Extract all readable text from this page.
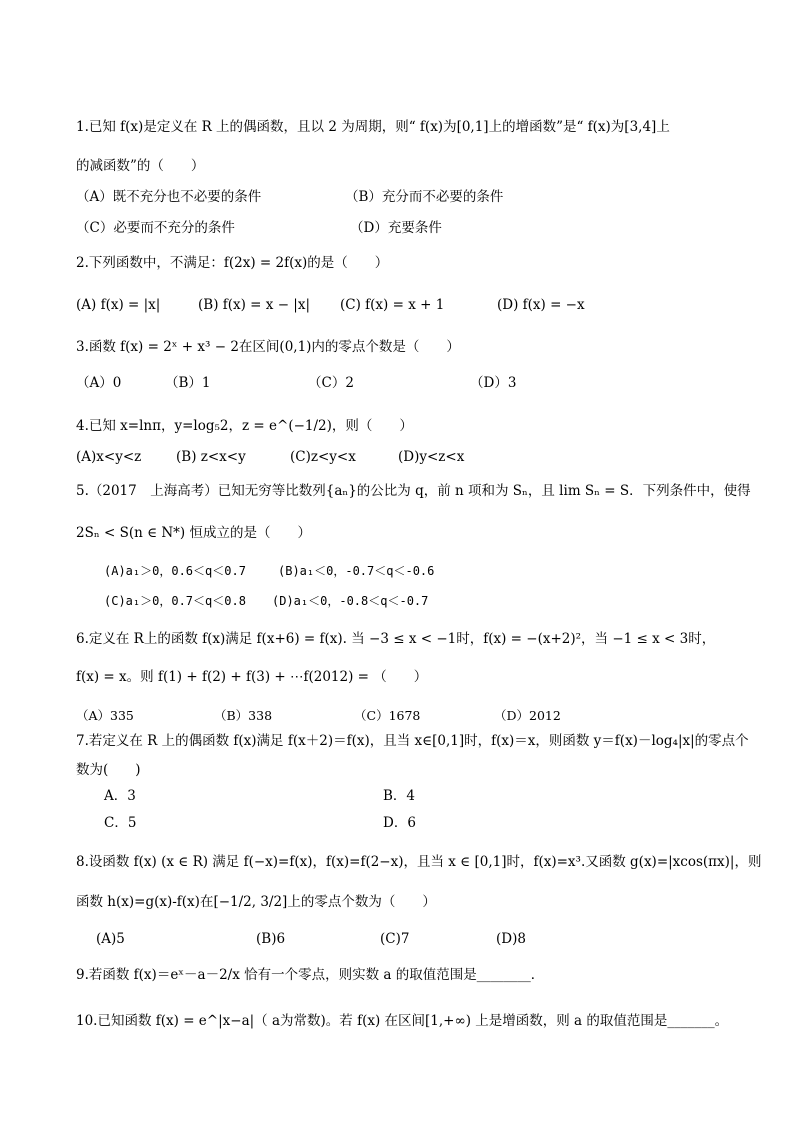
1.已知 f(x)是定义在 R 上的偶函数，且以 2 为周期，则“ f(x)为[0,1]上的增函数”是“ f(x)为[3,4]上
的减函数”的（　　）
（A）既不充分也不必要的条件	（B）充分而不必要的条件
（C）必要而不充分的条件	（D）充要条件
2.下列函数中，不满足：f(2x) = 2f(x)的是（　　）
(A) f(x) = |x|	(B) f(x) = x − |x| (C) f(x) = x + 1	(D) f(x) = −x
3.函数 f(x) = 2ˣ + x³ − 2在区间(0,1)内的零点个数是（　　）
（A）0	（B）1	（C）2	（D）3
4.已知 x=lnπ，y=log₅2，z = e^(−1/2)，则（　　）
(A)x<y<z	(B) z<x<y	(C)z<y<x	(D)y<z<x
5.（2017　上海高考）已知无穷等比数列{aₙ}的公比为 q，前 n 项和为 Sₙ，且 lim Sₙ = S．下列条件中，使得
2Sₙ < S(n ∈ N*) 恒成立的是（　　）
(A)a₁＞0，0.6＜q＜0.7	(B)a₁＜0，-0.7＜q＜-0.6
(C)a₁＞0，0.7＜q＜0.8 (D)a₁＜0，-0.8＜q＜-0.7
6.定义在 R上的函数 f(x)满足 f(x+6) = f(x). 当 −3 ≤ x < −1时，f(x) = −(x+2)²，当 −1 ≤ x < 3时，
f(x) = x。则 f(1) + f(2) + f(3) + ⋯f(2012) = （　　）
（A）335	（B）338	（C）1678	（D）2012
7.若定义在 R 上的偶函数 f(x)满足 f(x＋2)＝f(x)，且当 x∈[0,1]时，f(x)＝x，则函数 y＝f(x)－log₄|x|的零点个
数为(　　)
A．3	B．4
C．5	D．6
8.设函数 f(x) (x ∈ R) 满足 f(−x)=f(x)，f(x)=f(2−x)，且当 x ∈ [0,1]时，f(x)=x³.又函数 g(x)=|xcos(πx)|，则
函数 h(x)=g(x)-f(x)在[−1/2, 3/2]上的零点个数为（　　）
(A)5	(B)6	(C)7	(D)8
9.若函数 f(x)＝eˣ－a－2/x 恰有一个零点，则实数 a 的取值范围是________．
10.已知函数 f(x) = e^|x−a|（ a为常数)。若 f(x) 在区间[1,+∞) 上是增函数，则 a 的取值范围是_______。
